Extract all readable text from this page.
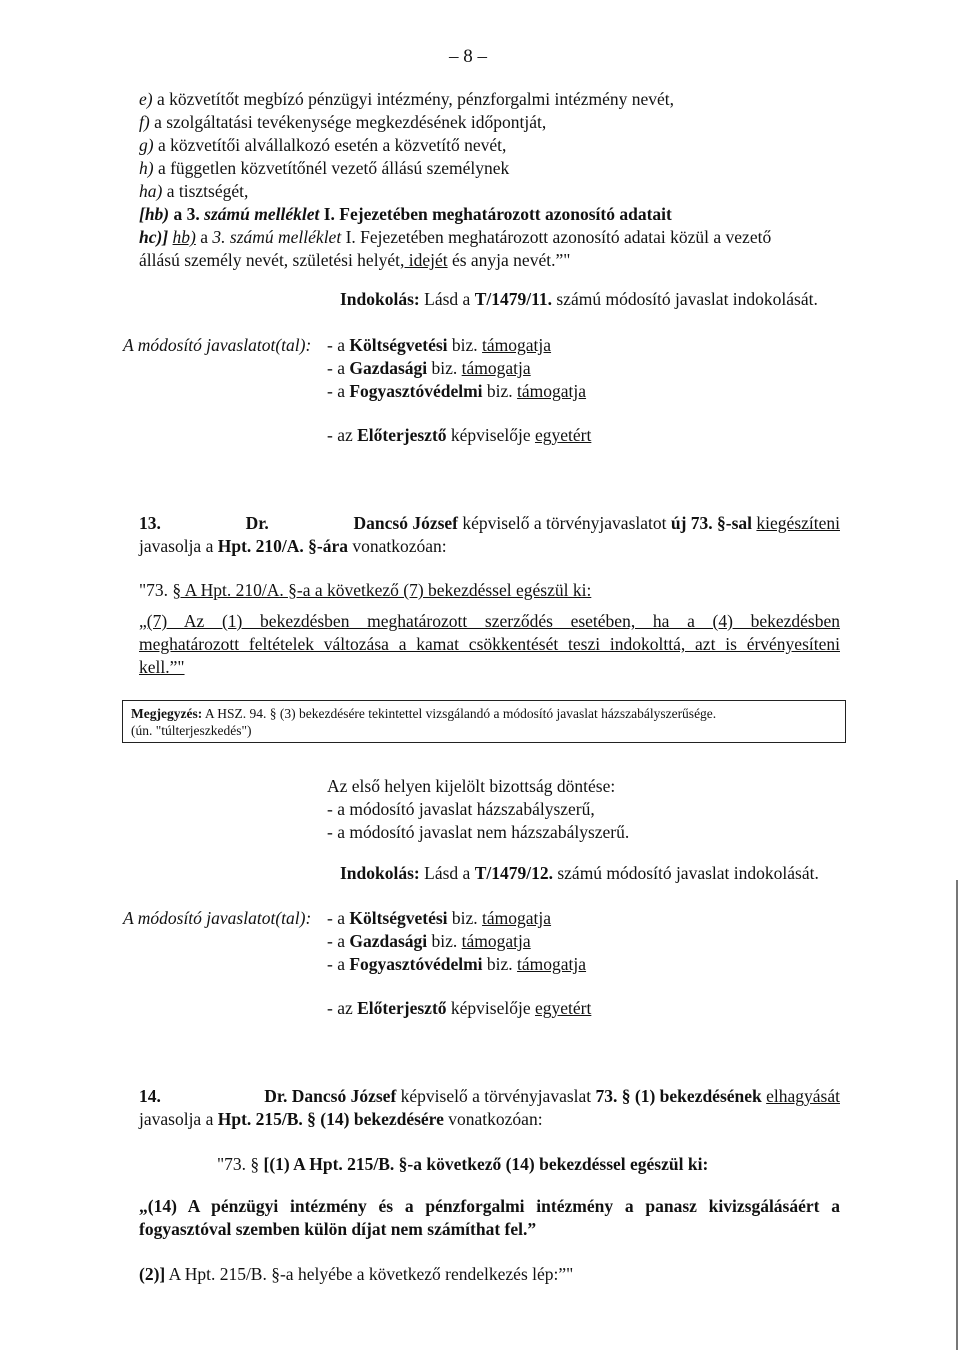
– 8 –
e) a közvetítőt megbízó pénzügyi intézmény, pénzforgalmi intézmény nevét,
f) a szolgáltatási tevékenysége megkezdésének időpontját,
g) a közvetítői alvállalkozó esetén a közvetítő nevét,
h) a független közvetítőnél vezető állású személynek
ha) a tisztségét,
[hb) a 3. számú melléklet I. Fejezetében meghatározott azonosító adatait
hc)] hb) a 3. számú melléklet I. Fejezetében meghatározott azonosító adatai közül a vezető
állású személy nevét, születési helyét, idejét és anyja nevét.”"
Indokolás: Lásd a T/1479/11. számú módosító javaslat indokolását.
A módosító javaslatot(tal): - a Költségvetési biz. támogatja
- a Gazdasági biz. támogatja
- a Fogyasztóvédelmi biz. támogatja
- az Előterjesztő képviselője egyetért
13.	Dr.	Dancsó József képviselő a törvényjavaslatot új 73. §-sal kiegészíteni
javasolja a Hpt. 210/A. §-ára vonatkozóan:
"73. § A Hpt. 210/A. §-a a következő (7) bekezdéssel egészül ki:
„(7) Az (1) bekezdésben meghatározott szerződés esetében, ha a (4) bekezdésben
meghatározott feltételek változása a kamat csökkentését teszi indokolttá, azt is érvényesíteni
kell.”"
Megjegyzés: A HSZ. 94. § (3) bekezdésére tekintettel vizsgálandó a módosító javaslat házszabályszerűsége.
(ún. "túlterjeszkedés")
Az első helyen kijelölt bizottság döntése:
- a módosító javaslat házszabályszerű,
- a módosító javaslat nem házszabályszerű.
Indokolás: Lásd a T/1479/12. számú módosító javaslat indokolását.
A módosító javaslatot(tal): - a Költségvetési biz. támogatja
- a Gazdasági biz. támogatja
- a Fogyasztóvédelmi biz. támogatja
- az Előterjesztő képviselője egyetért
14.	Dr. Dancsó József képviselő a törvényjavaslat 73. § (1) bekezdésének elhagyását
javasolja a Hpt. 215/B. § (14) bekezdésére vonatkozóan:
"73. § [(1) A Hpt. 215/B. §-a következő (14) bekezdéssel egészül ki:
„(14) A pénzügyi intézmény és a pénzforgalmi intézmény a panasz kivizsgálásáért a
fogyasztóval szemben külön díjat nem számíthat fel.”
(2)] A Hpt. 215/B. §-a helyébe a következő rendelkezés lép:”"
